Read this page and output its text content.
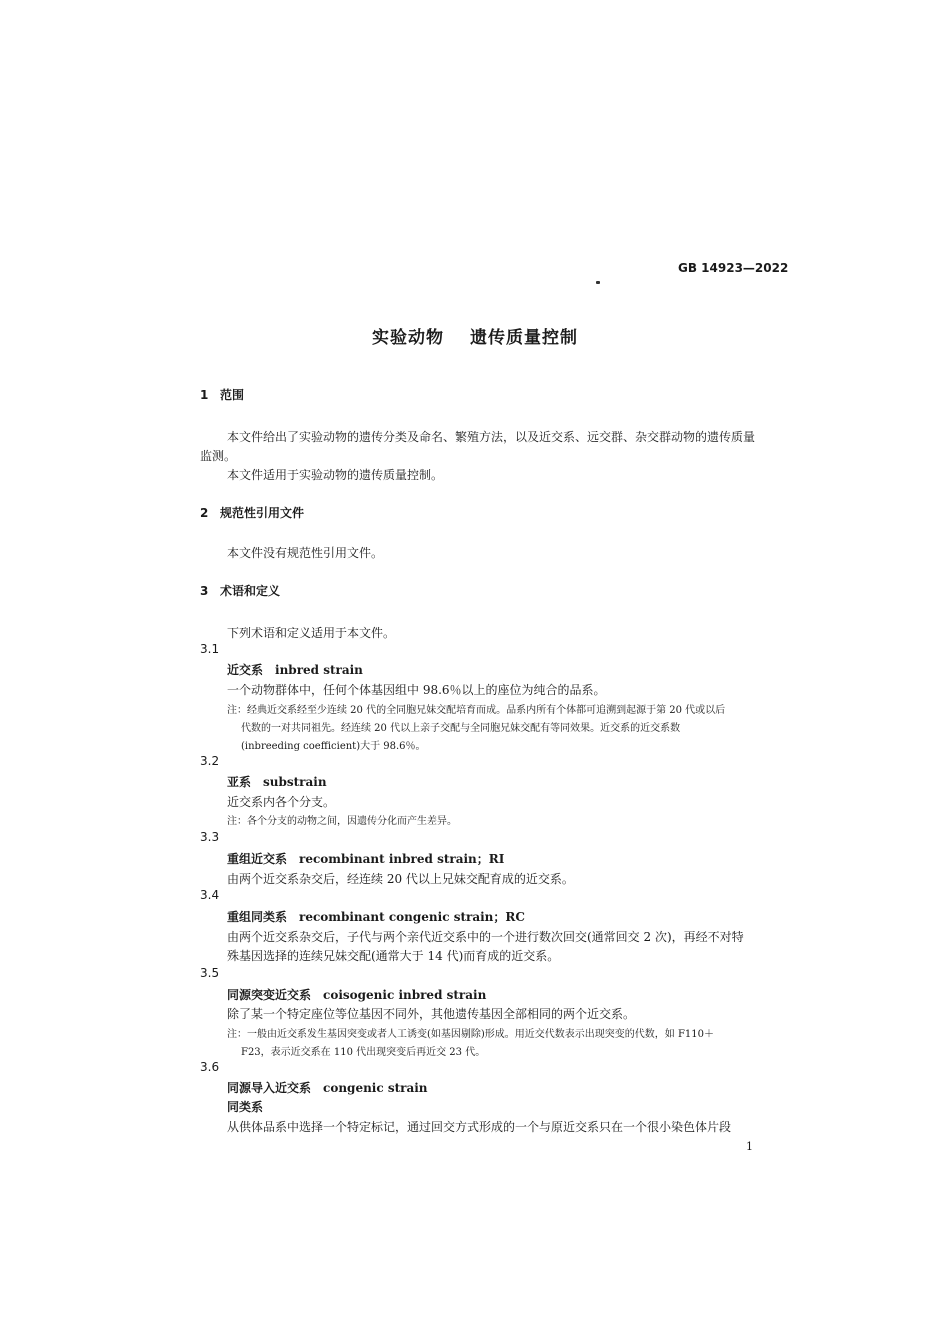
GB 14923—2022
实验动物 遗传质量控制
1 范围
本文件给出了实验动物的遗传分类及命名、繁殖方法，以及近交系、远交群、杂交群动物的遗传质量
监测。
本文件适用于实验动物的遗传质量控制。
2 规范性引用文件
本文件没有规范性引用文件。
3 术语和定义
下列术语和定义适用于本文件。
3.1
近交系 inbred strain
一个动物群体中，任何个体基因组中 98.6％以上的座位为纯合的品系。
注：经典近交系经至少连续 20 代的全同胞兄妹交配培育而成。品系内所有个体都可追溯到起源于第 20 代或以后
代数的一对共同祖先。经连续 20 代以上亲子交配与全同胞兄妹交配有等同效果。近交系的近交系数
(inbreeding coefficient)大于 98.6％。
3.2
亚系 substrain
近交系内各个分支。
注：各个分支的动物之间，因遗传分化而产生差异。
3.3
重组近交系 recombinant inbred strain；RI
由两个近交系杂交后，经连续 20 代以上兄妹交配育成的近交系。
3.4
重组同类系 recombinant congenic strain；RC
由两个近交系杂交后，子代与两个亲代近交系中的一个进行数次回交(通常回交 2 次)，再经不对特
殊基因选择的连续兄妹交配(通常大于 14 代)而育成的近交系。
3.5
同源突变近交系 coisogenic inbred strain
除了某一个特定座位等位基因不同外，其他遗传基因全部相同的两个近交系。
注：一般由近交系发生基因突变或者人工诱变(如基因剔除)形成。用近交代数表示出现突变的代数，如 F110＋
F23，表示近交系在 110 代出现突变后再近交 23 代。
3.6
同源导入近交系 congenic strain
同类系
从供体品系中选择一个特定标记，通过回交方式形成的一个与原近交系只在一个很小染色体片段
1
